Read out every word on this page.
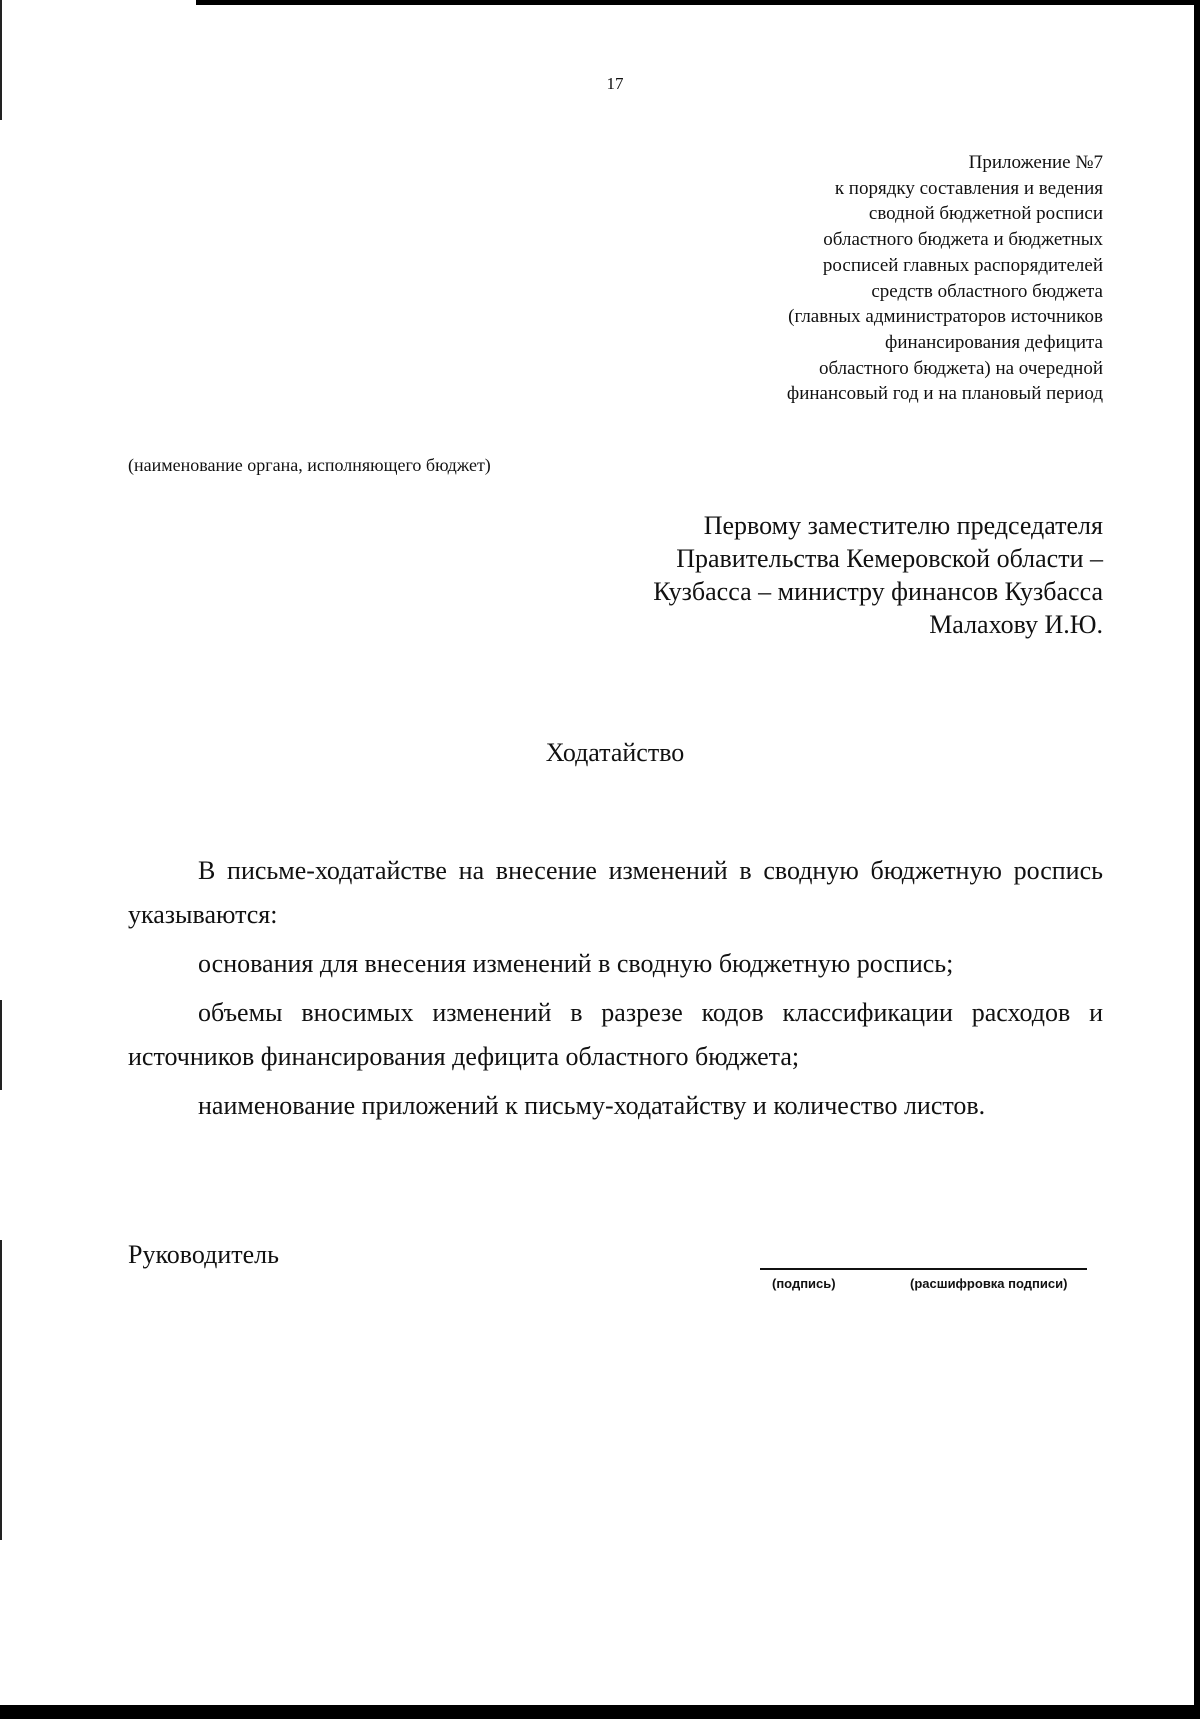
17
Приложение №7
к порядку составления и ведения
сводной бюджетной росписи
областного бюджета и бюджетных
росписей главных распорядителей
средств областного бюджета
(главных администраторов источников
финансирования дефицита
областного бюджета) на очередной
финансовый год и на плановый период
(наименование органа, исполняющего бюджет)
Первому заместителю председателя
Правительства Кемеровской области –
Кузбасса – министру финансов Кузбасса
Малахову И.Ю.
Ходатайство

В письме-ходатайстве на внесение изменений в сводную бюджетную роспись указываются:

основания для внесения изменений в сводную бюджетную роспись;

объемы вносимых изменений в разрезе кодов классификации расходов и источников финансирования дефицита областного бюджета;

наименование приложений к письму-ходатайству и количество листов.

Руководитель
(подпись)	(расшифровка подписи)
